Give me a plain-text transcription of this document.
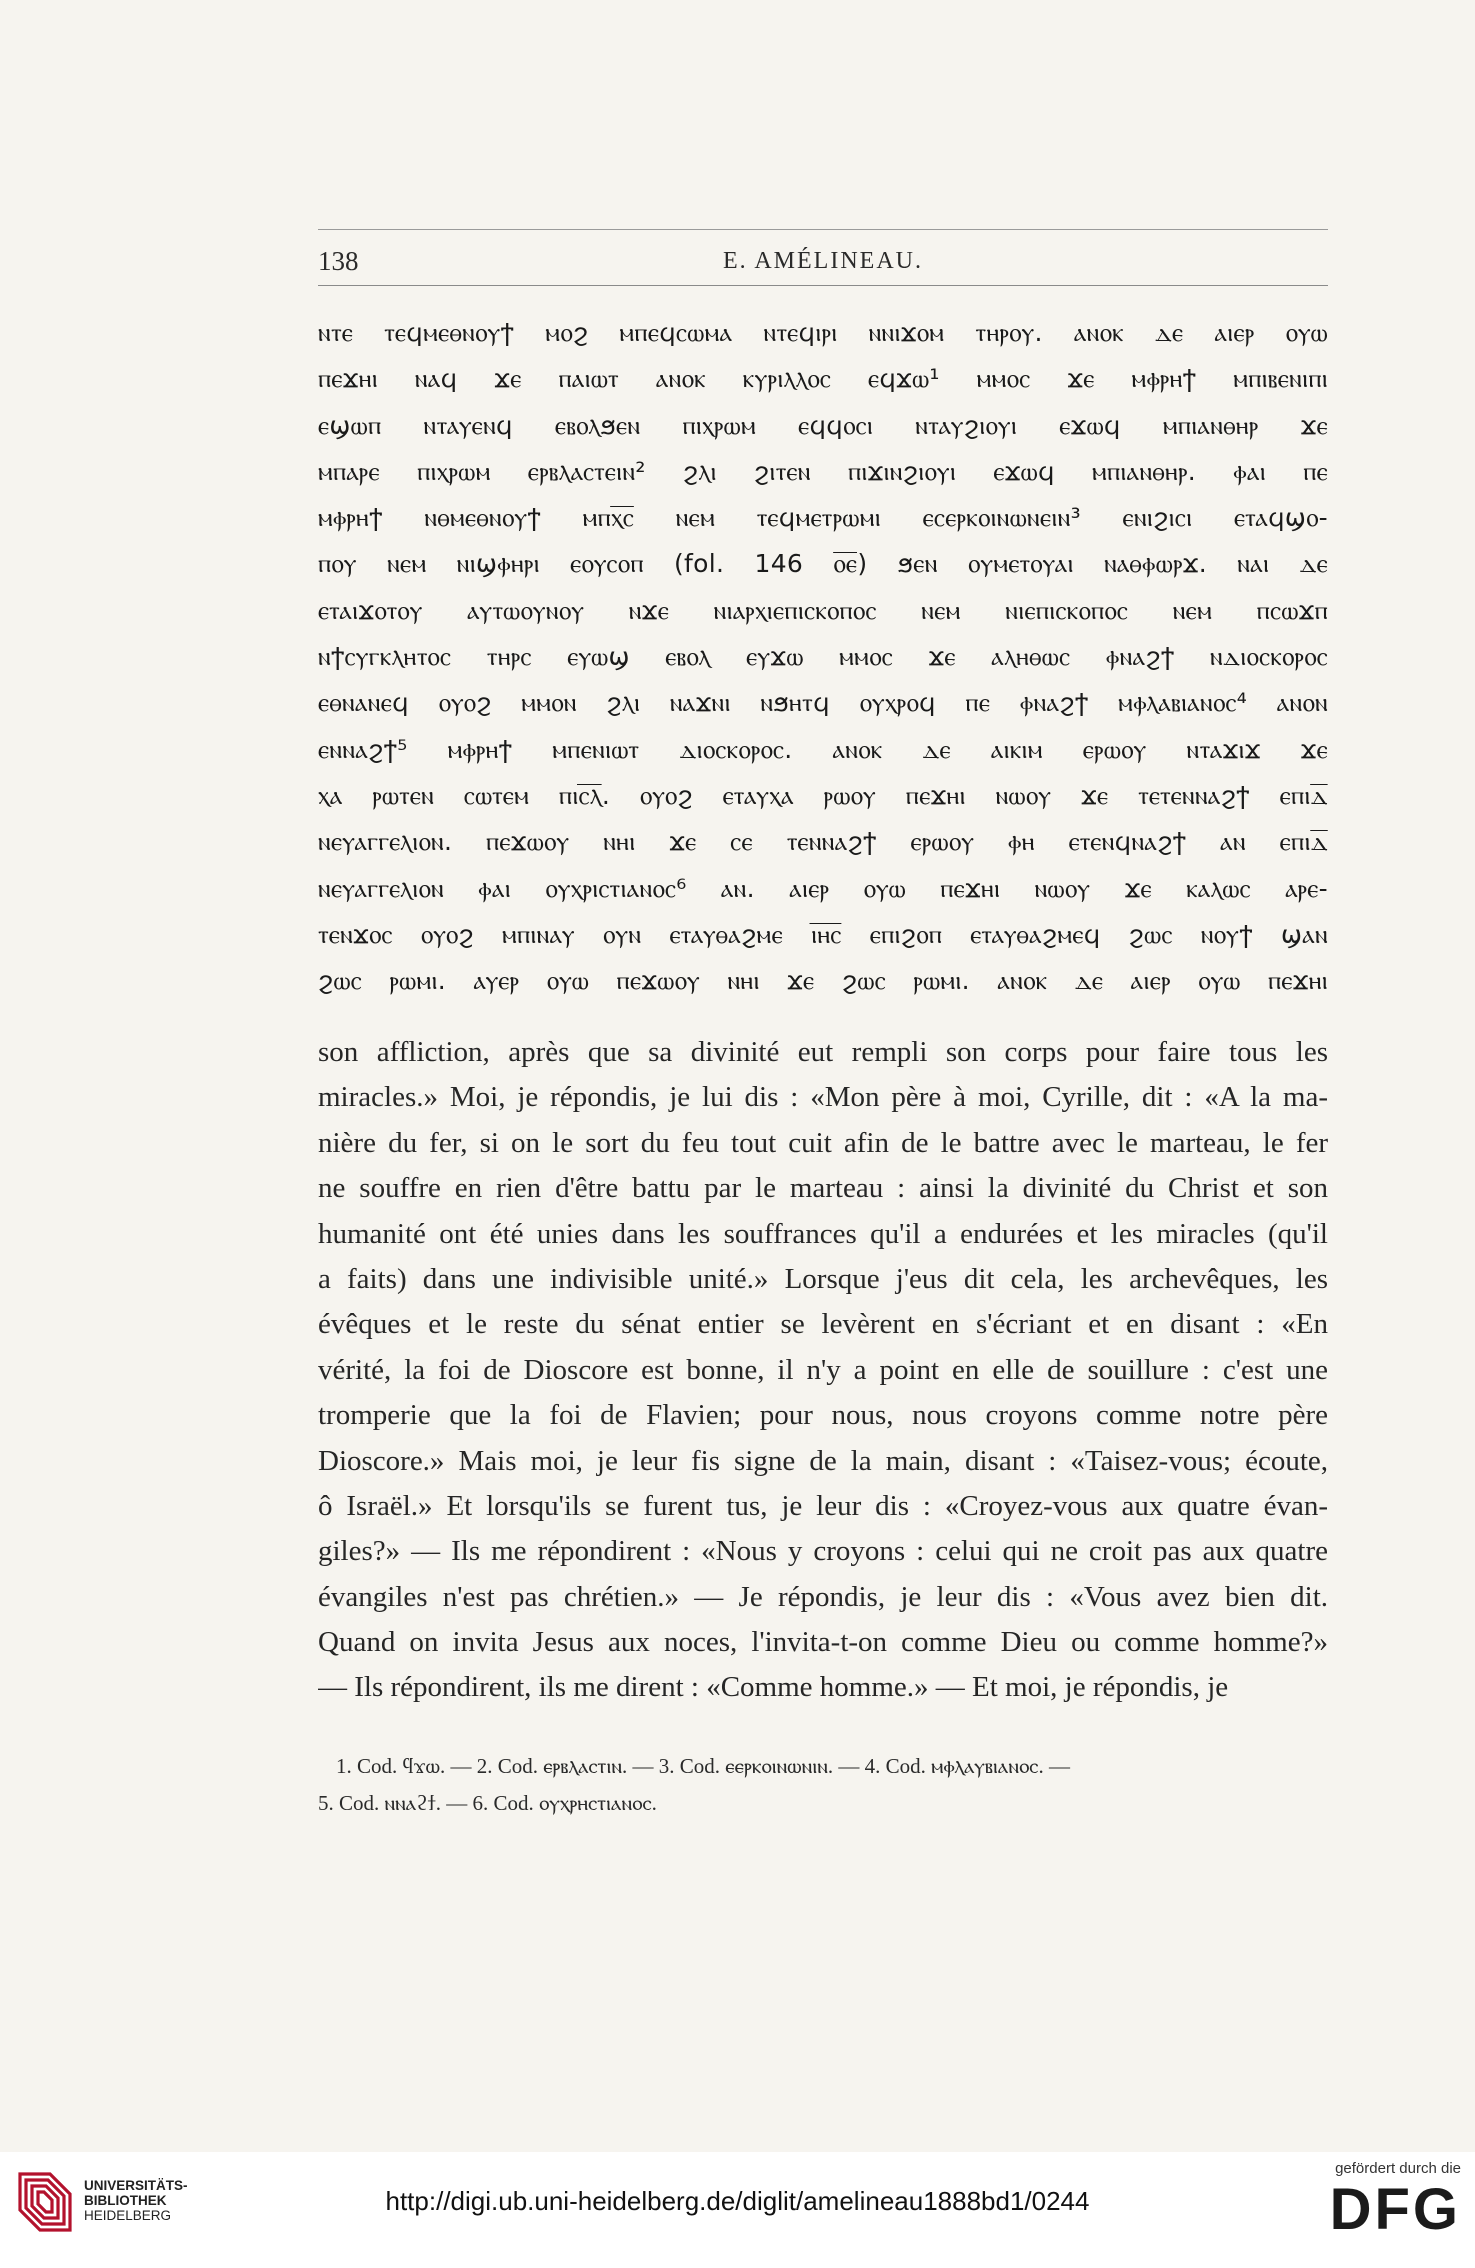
138	E. AMÉLINEAU.
ⲛⲧⲉ ⲧⲉϥⲙⲉⲑⲛⲟⲩϯ ⲙⲟϩ ⲙⲡⲉϥⲥⲱⲙⲁ ⲛⲧⲉϥⲓⲣⲓ ⲛⲛⲓϫⲟⲙ ⲧⲏⲣⲟⲩ. ⲁⲛⲟⲕ ⲇⲉ ⲁⲓⲉⲣ ⲟⲩⲱ
ⲡⲉϫⲏⲓ ⲛⲁϥ ϫⲉ ⲡⲁⲓⲱⲧ ⲁⲛⲟⲕ ⲕⲩⲣⲓⲗⲗⲟⲥ ⲉϥϫⲱ¹ ⲙⲙⲟⲥ ϫⲉ ⲙⲫⲣⲏϯ ⲙⲡⲓⲃⲉⲛⲓⲡⲓ
ⲉϣⲱⲡ ⲛⲧⲁⲩⲉⲛϥ ⲉⲃⲟⲗϧⲉⲛ ⲡⲓⲭⲣⲱⲙ ⲉϥϥⲟⲥⲓ ⲛⲧⲁⲩϩⲓⲟⲩⲓ ⲉϫⲱϥ ⲙⲡⲓⲁⲛⲑⲏⲣ ϫⲉ
ⲙⲡⲁⲣⲉ ⲡⲓⲭⲣⲱⲙ ⲉⲣⲃⲗⲁⲥⲧⲉⲓⲛ² ϩⲗⲓ ϩⲓⲧⲉⲛ ⲡⲓϫⲓⲛϩⲓⲟⲩⲓ ⲉϫⲱϥ ⲙⲡⲓⲁⲛⲑⲏⲣ. ⲫⲁⲓ ⲡⲉ
ⲙⲫⲣⲏϯ ⲛⲑⲙⲉⲑⲛⲟⲩϯ ⲙⲡⲭ̅ⲥ̅ ⲛⲉⲙ ⲧⲉϥⲙⲉⲧⲣⲱⲙⲓ ⲉⲥⲉⲣⲕⲟⲓⲛⲱⲛⲉⲓⲛ³ ⲉⲛⲓϩⲓⲥⲓ ⲉⲧⲁϥϣⲟ-
ⲡⲟⲩ ⲛⲉⲙ ⲛⲓϣⲫⲏⲣⲓ ⲉⲟⲩⲥⲟⲡ (fol. 146 ⲟ̅ⲉ̅) ϧⲉⲛ ⲟⲩⲙⲉⲧⲟⲩⲁⲓ ⲛⲁⲑⲫⲱⲣϫ. ⲛⲁⲓ ⲇⲉ
ⲉⲧⲁⲓϫⲟⲧⲟⲩ ⲁⲩⲧⲱⲟⲩⲛⲟⲩ ⲛϫⲉ ⲛⲓⲁⲣⲭⲓⲉⲡⲓⲥⲕⲟⲡⲟⲥ ⲛⲉⲙ ⲛⲓⲉⲡⲓⲥⲕⲟⲡⲟⲥ ⲛⲉⲙ ⲡⲥⲱϫⲡ
ⲛϯⲥⲩⲅⲕⲗⲏⲧⲟⲥ ⲧⲏⲣⲥ ⲉⲩⲱϣ ⲉⲃⲟⲗ ⲉⲩϫⲱ ⲙⲙⲟⲥ ϫⲉ ⲁⲗⲏⲑⲱⲥ ⲫⲛⲁϩϯ ⲛⲇⲓⲟⲥⲕⲟⲣⲟⲥ
ⲉⲑⲛⲁⲛⲉϥ ⲟⲩⲟϩ ⲙⲙⲟⲛ ϩⲗⲓ ⲛⲁϫⲛⲓ ⲛϧⲏⲧϥ ⲟⲩⲭⲣⲟϥ ⲡⲉ ⲫⲛⲁϩϯ ⲙⲫⲗⲁⲃⲓⲁⲛⲟⲥ⁴ ⲁⲛⲟⲛ
ⲉⲛⲛⲁϩϯ⁵ ⲙⲫⲣⲏϯ ⲙⲡⲉⲛⲓⲱⲧ ⲇⲓⲟⲥⲕⲟⲣⲟⲥ. ⲁⲛⲟⲕ ⲇⲉ ⲁⲓⲕⲓⲙ ⲉⲣⲱⲟⲩ ⲛⲧⲁϫⲓϫ ϫⲉ
ⲭⲁ ⲣⲱⲧⲉⲛ ⲥⲱⲧⲉⲙ ⲡⲓⲥ̅ⲗ̅. ⲟⲩⲟϩ ⲉⲧⲁⲩⲭⲁ ⲣⲱⲟⲩ ⲡⲉϫⲏⲓ ⲛⲱⲟⲩ ϫⲉ ⲧⲉⲧⲉⲛⲛⲁϩϯ ⲉⲡⲓⲇ̅
ⲛⲉⲩⲁⲅⲅⲉⲗⲓⲟⲛ. ⲡⲉϫⲱⲟⲩ ⲛⲏⲓ ϫⲉ ⲥⲉ ⲧⲉⲛⲛⲁϩϯ ⲉⲣⲱⲟⲩ ⲫⲏ ⲉⲧⲉⲛϥⲛⲁϩϯ ⲁⲛ ⲉⲡⲓⲇ̅
ⲛⲉⲩⲁⲅⲅⲉⲗⲓⲟⲛ ⲫⲁⲓ ⲟⲩⲭⲣⲓⲥⲧⲓⲁⲛⲟⲥ⁶ ⲁⲛ. ⲁⲓⲉⲣ ⲟⲩⲱ ⲡⲉϫⲏⲓ ⲛⲱⲟⲩ ϫⲉ ⲕⲁⲗⲱⲥ ⲁⲣⲉ-
ⲧⲉⲛϫⲟⲥ ⲟⲩⲟϩ ⲙⲡⲓⲛⲁⲩ ⲟⲩⲛ ⲉⲧⲁⲩⲑⲁϩⲙⲉ ⲓ̅ⲏ̅ⲥ̅ ⲉⲡⲓϩⲟⲡ ⲉⲧⲁⲩⲑⲁϩⲙⲉϥ ϩⲱⲥ ⲛⲟⲩϯ ϣⲁⲛ
ϩⲱⲥ ⲣⲱⲙⲓ. ⲁⲩⲉⲣ ⲟⲩⲱ ⲡⲉϫⲱⲟⲩ ⲛⲏⲓ ϫⲉ ϩⲱⲥ ⲣⲱⲙⲓ. ⲁⲛⲟⲕ ⲇⲉ ⲁⲓⲉⲣ ⲟⲩⲱ ⲡⲉϫⲏⲓ
son affliction, après que sa divinité eut rempli son corps pour faire tous les
miracles.» Moi, je répondis, je lui dis : «Mon père à moi, Cyrille, dit : «A la ma-
nière du fer, si on le sort du feu tout cuit afin de le battre avec le marteau, le fer
ne souffre en rien d'être battu par le marteau : ainsi la divinité du Christ et son
humanité ont été unies dans les souffrances qu'il a endurées et les miracles (qu'il
a faits) dans une indivisible unité.» Lorsque j'eus dit cela, les archevêques, les
évêques et le reste du sénat entier se levèrent en s'écriant et en disant : «En
vérité, la foi de Dioscore est bonne, il n'y a point en elle de souillure : c'est une
tromperie que la foi de Flavien; pour nous, nous croyons comme notre père
Dioscore.» Mais moi, je leur fis signe de la main, disant : «Taisez-vous; écoute,
ô Israël.» Et lorsqu'ils se furent tus, je leur dis : «Croyez-vous aux quatre évan-
giles?» — Ils me répondirent : «Nous y croyons : celui qui ne croit pas aux quatre
évangiles n'est pas chrétien.» — Je répondis, je leur dis : «Vous avez bien dit.
Quand on invita Jesus aux noces, l'invita-t-on comme Dieu ou comme homme?»
— Ils répondirent, ils me dirent : «Comme homme.» — Et moi, je répondis, je
1. Cod. ϥϫⲱ. — 2. Cod. ⲉⲣⲃⲗⲁⲥⲧⲓⲛ. — 3. Cod. ⲉⲉⲣⲕⲟⲓⲛⲱⲛⲓⲛ. — 4. Cod. ⲙⲫⲗⲁⲩⲃⲓⲁⲛⲟⲥ. —
5. Cod. ⲛⲛⲁϩϯ. — 6. Cod. ⲟⲩⲭⲣⲏⲥⲧⲓⲁⲛⲟⲥ.
UNIVERSITÄTS-
BIBLIOTHEK
HEIDELBERG	http://digi.ub.uni-heidelberg.de/diglit/amelineau1888bd1/0244
gefördert durch die
DFG
